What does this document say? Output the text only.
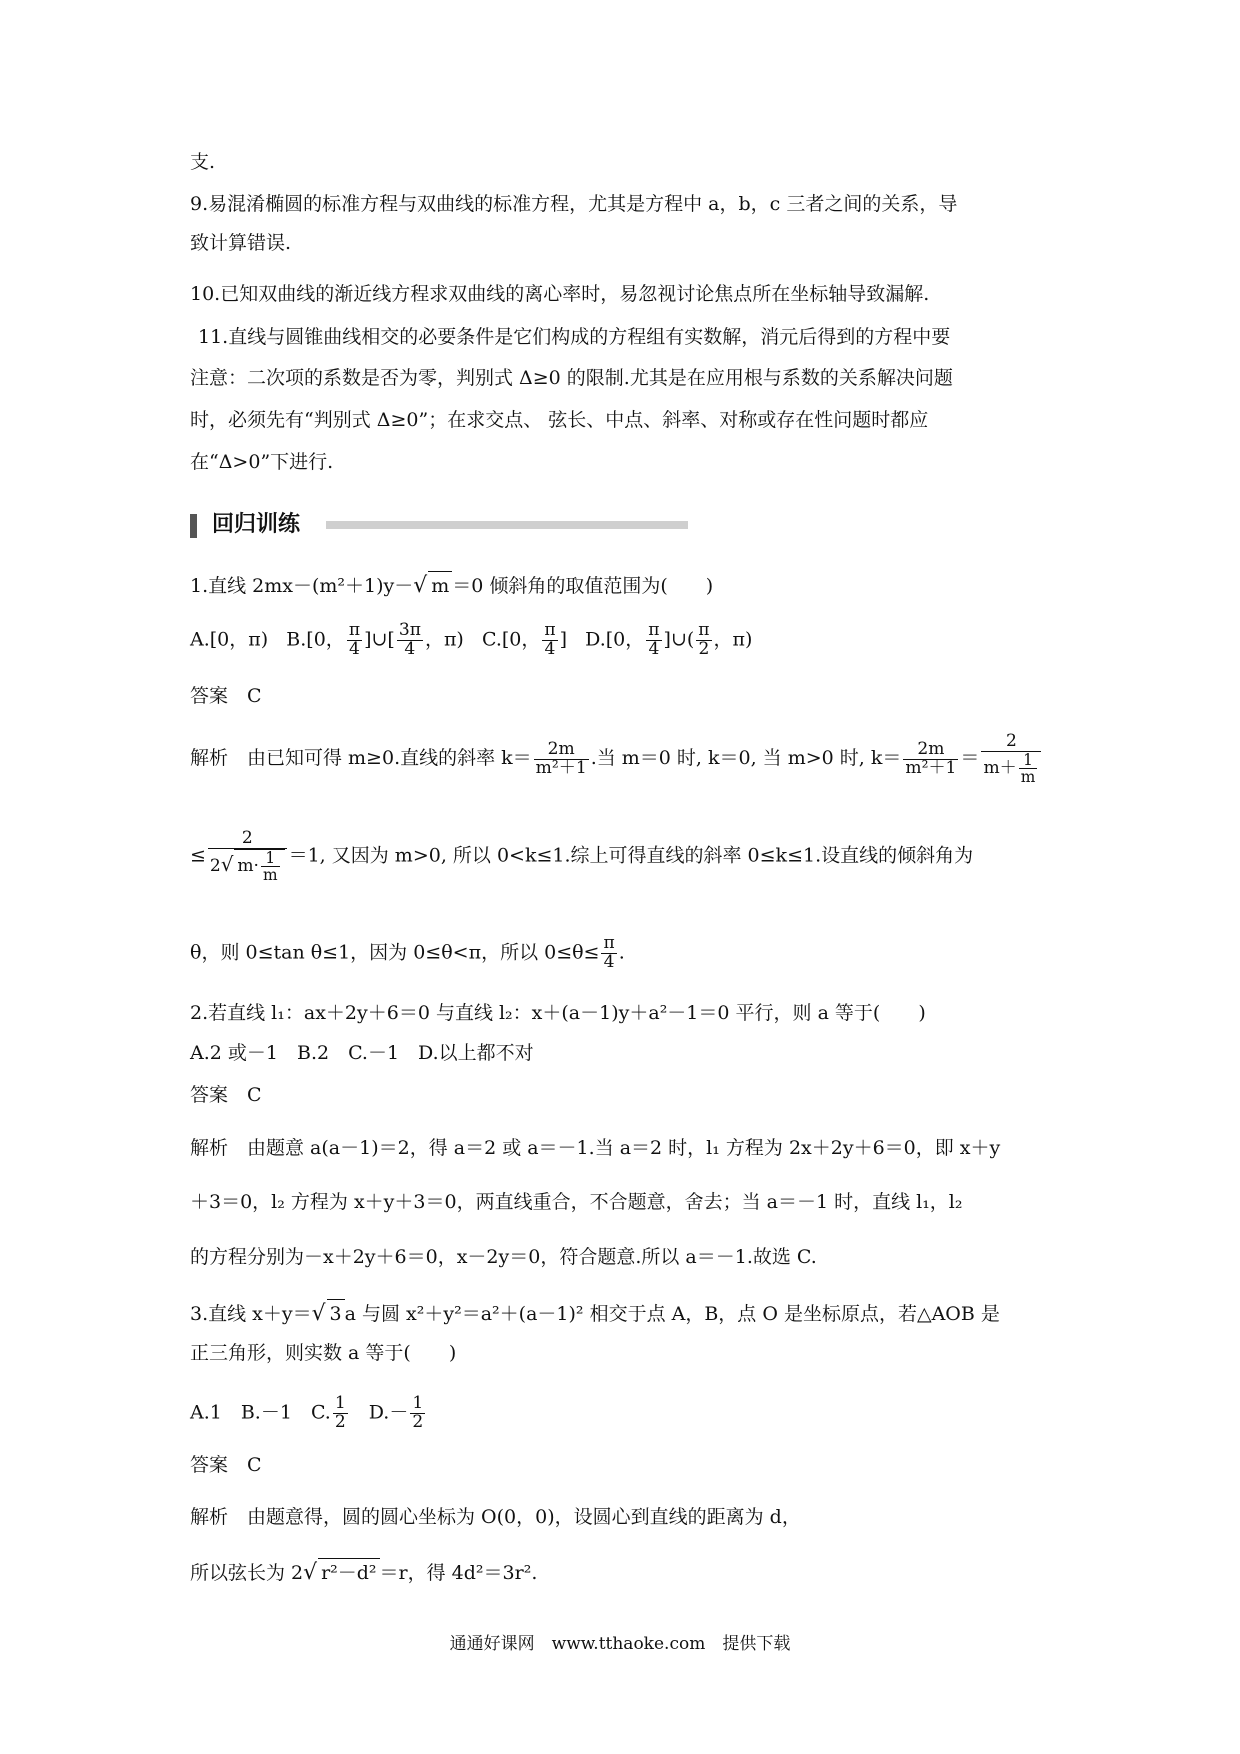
支.
9.易混淆椭圆的标准方程与双曲线的标准方程，尤其是方程中 a，b，c 三者之间的关系，导
致计算错误.
10.已知双曲线的渐近线方程求双曲线的离心率时，易忽视讨论焦点所在坐标轴导致漏解.
11.直线与圆锥曲线相交的必要条件是它们构成的方程组有实数解，消元后得到的方程中要
注意：二次项的系数是否为零，判别式 Δ≥0 的限制.尤其是在应用根与系数的关系解决问题
时，必须先有“判别式 Δ≥0”；在求交点、 弦长、中点、斜率、对称或存在性问题时都应
在“Δ>0”下进行.
回归训练
1.直线 2mx－(m²＋1)y－√ m ＝0 倾斜角的取值范围为(　　)
A.[0，π) B.[0， $\frac{\pi}{4}$ ]∪[ $\frac{3\pi}{4}$ ，π) C.[0， $\frac{\pi}{4}$ ] D.[0， $\frac{\pi}{4}$ ]∪( $\frac{\pi}{2}$ ，π)
答案　C
解析　由已知可得 m≥0.直线的斜率 $k= \frac{2m}{\text{m²＋1}}$ .当 m＝0 时, k＝0, 当 m>0 时, $k= \frac{2m}{\text{m²＋1}} = \frac{2}{m+ \frac{1}{m}}$
≤ $\frac{2}{2√ m\cdot \frac{1}{m}} =1$, 又因为 m>0, 所以 0<k≤1.综上可得直线的斜率 0≤k≤1.设直线的倾斜角为
θ，则 0≤tan θ≤1，因为 0≤θ<π，所以 $0\le\theta\le \frac{\pi}{4}$ .
2.若直线 l₁：ax＋2y＋6＝0 与直线 l₂：x＋(a－1)y＋a²－1＝0 平行，则 a 等于(　　)
A.2 或－1　B.2　C.－1　D.以上都不对
答案　C
解析　由题意 a(a－1)＝2，得 a＝2 或 a＝－1.当 a＝2 时，l₁ 方程为 2x＋2y＋6＝0，即 x＋y
＋3＝0，l₂ 方程为 x＋y＋3＝0，两直线重合，不合题意，舍去；当 a＝－1 时，直线 l₁，l₂
的方程分别为－x＋2y＋6＝0，x－2y＝0，符合题意.所以 a＝－1.故选 C.
3.直线 x＋y＝√ 3 a 与圆 x²＋y²＝a²＋(a－1)² 相交于点 A，B，点 O 是坐标原点，若△AOB 是
正三角形，则实数 a 等于(　　)
A.1　B.－1　C. $\frac{1}{2}$ 　$D.- \frac{1}{2}$
答案　C
解析　由题意得，圆的圆心坐标为 O(0，0)，设圆心到直线的距离为 d，
所以弦长为 2√ r²－d² ＝r，得 4d²＝3r².
通通好课网　www.tthaoke.com　提供下载
